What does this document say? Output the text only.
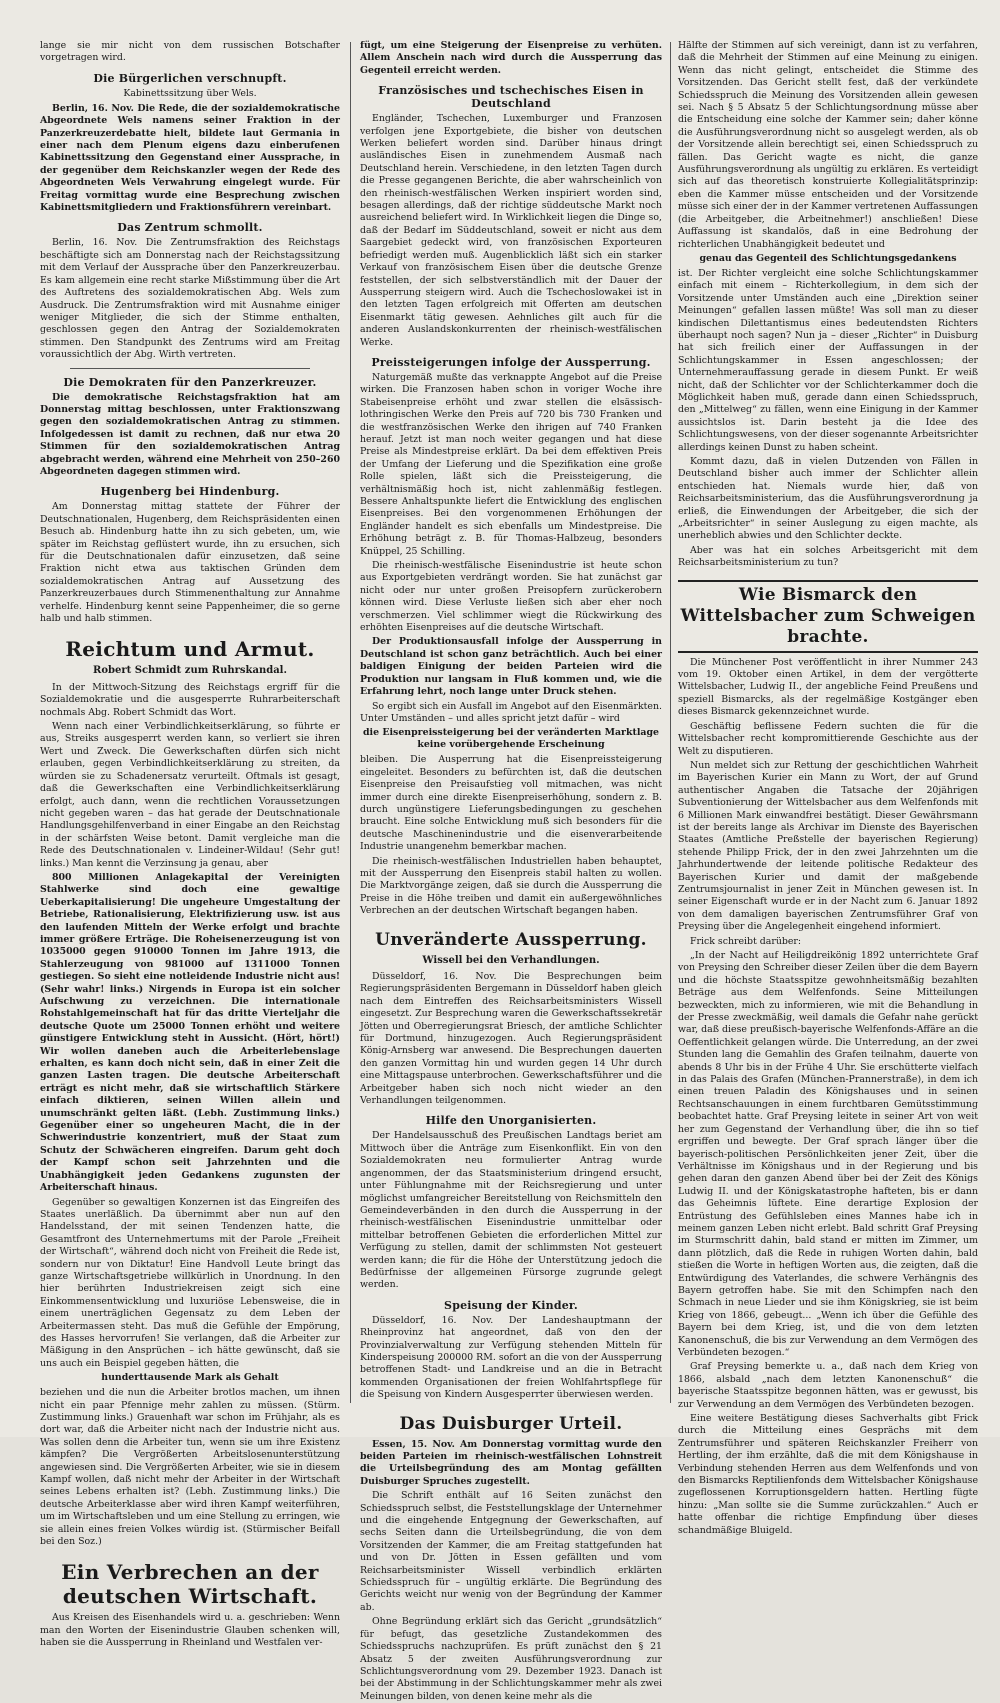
lange sie mir nicht von dem russischen Botschafter vorgetragen wird.

Die Bürgerlichen verschnupft.
Kabinettssitzung über Wels.

Berlin, 16. Nov. Die Rede, die der sozialdemokratische Abgeordnete Wels namens seiner Fraktion in der Panzerkreuzerdebatte hielt, bildete laut Germania in einer nach dem Plenum eigens dazu einberufenen Kabinettssitzung den Gegenstand einer Aussprache, in der gegenüber dem Reichskanzler wegen der Rede des Abgeordneten Wels Verwahrung eingelegt wurde. Für Freitag vormittag wurde eine Besprechung zwischen Kabinettsmitgliedern und Fraktionsführern vereinbart.

Das Zentrum schmollt.

Berlin, 16. Nov. Die Zentrumsfraktion des Reichstags beschäftigte sich am Donnerstag nach der Reichstagssitzung mit dem Verlauf der Aussprache über den Panzerkreuzerbau. Es kam allgemein eine recht starke Mißstimmung über die Art des Auftretens des sozialdemokratischen Abg. Wels zum Ausdruck. Die Zentrumsfraktion wird mit Ausnahme einiger weniger Mitglieder, die sich der Stimme enthalten, geschlossen gegen den Antrag der Sozialdemokraten stimmen. Den Standpunkt des Zentrums wird am Freitag voraussichtlich der Abg. Wirth vertreten.

Die Demokraten für den Panzerkreuzer.

Die demokratische Reichstagsfraktion hat am Donnerstag mittag beschlossen, unter Fraktionszwang gegen den sozialdemokratischen Antrag zu stimmen. Infolgedessen ist damit zu rechnen, daß nur etwa 20 Stimmen für den sozialdemokratischen Antrag abgebracht werden, während eine Mehrheit von 250–260 Abgeordneten dagegen stimmen wird.

Hugenberg bei Hindenburg.

Am Donnerstag mittag stattete der Führer der Deutschnationalen, Hugenberg, dem Reichspräsidenten einen Besuch ab. Hindenburg hatte ihn zu sich gebeten, um, wie später im Reichstag geflüstert wurde, ihn zu ersuchen, sich für die Deutschnationalen dafür einzusetzen, daß seine Fraktion nicht etwa aus taktischen Gründen dem sozialdemokratischen Antrag auf Aussetzung des Panzerkreuzerbaues durch Stimmenenthaltung zur Annahme verhelfe. Hindenburg kennt seine Pappenheimer, die so gerne halb und halb stimmen.

Reichtum und Armut.
Robert Schmidt zum Ruhrskandal.

In der Mittwoch-Sitzung des Reichstags ergriff für die Sozialdemokratie und die ausgesperrte Ruhrarbeiterschaft nochmals Abg. Robert Schmidt das Wort.

Wenn nach einer Verbindlichkeitserklärung, so führte er aus, Streiks ausgesperrt werden kann, so verliert sie ihren Wert und Zweck. Die Gewerkschaften dürfen sich nicht erlauben, gegen Verbindlichkeitserklärung zu streiten, da würden sie zu Schadenersatz verurteilt. Oftmals ist gesagt, daß die Gewerkschaften eine Verbindlichkeitserklärung erfolgt, auch dann, wenn die rechtlichen Voraussetzungen nicht gegeben waren – das hat gerade der Deutschnationale Handlungsgehilfenverband in einer Eingabe an den Reichstag in der schärfsten Weise betont. Damit vergleiche man die Rede des Deutschnationalen v. Lindeiner-Wildau! (Sehr gut! links.) Man kennt die Verzinsung ja genau, aber

800 Millionen Anlagekapital der Vereinigten Stahlwerke sind doch eine gewaltige Ueberkapitalisierung! Die ungeheure Umgestaltung der Betriebe, Rationalisierung, Elektrifizierung usw. ist aus den laufenden Mitteln der Werke erfolgt und brachte immer größere Erträge. Die Roheisenerzeugung ist von 1035000 gegen 910000 Tonnen im Jahre 1913, die Stahlerzeugung von 981000 auf 1311000 Tonnen gestiegen. So sieht eine notleidende Industrie nicht aus! (Sehr wahr! links.) Nirgends in Europa ist ein solcher Aufschwung zu verzeichnen. Die internationale Rohstahlgemeinschaft hat für das dritte Vierteljahr die deutsche Quote um 25000 Tonnen erhöht und weitere günstigere Entwicklung steht in Aussicht. (Hört, hört!) Wir wollen daneben auch die Arbeiterlebenslage erhalten, es kann doch nicht sein, daß in einer Zeit die ganzen Lasten tragen. Die deutsche Arbeiterschaft erträgt es nicht mehr, daß sie wirtschaftlich Stärkere einfach diktieren, seinen Willen allein und unumschränkt gelten läßt. (Lebh. Zustimmung links.) Gegenüber einer so ungeheuren Macht, die in der Schwerindustrie konzentriert, muß der Staat zum Schutz der Schwächeren eingreifen. Darum geht doch der Kampf schon seit Jahrzehnten und die Unabhängigkeit jeden Gedankens zugunsten der Arbeiterschaft hinaus.

Gegenüber so gewaltigen Konzernen ist das Eingreifen des Staates unerläßlich. Da übernimmt aber nun auf den Handelsstand, der mit seinen Tendenzen hatte, die Gesamtfront des Unternehmertums mit der Parole „Freiheit der Wirtschaft“, während doch nicht von Freiheit die Rede ist, sondern nur von Diktatur! Eine Handvoll Leute bringt das ganze Wirtschaftsgetriebe willkürlich in Unordnung. In den hier berührten Industriekreisen zeigt sich eine Einkommensentwicklung und luxuriöse Lebensweise, die in einem unerträglichen Gegensatz zu dem Leben der Arbeitermassen steht. Das muß die Gefühle der Empörung, des Hasses hervorrufen! Sie verlangen, daß die Arbeiter zur Mäßigung in den Ansprüchen – ich hätte gewünscht, daß sie uns auch ein Beispiel gegeben hätten, die

hunderttausende Mark als Gehalt

beziehen und die nun die Arbeiter brotlos machen, um ihnen nicht ein paar Pfennige mehr zahlen zu müssen. (Stürm. Zustimmung links.) Grauenhaft war schon im Frühjahr, als es dort war, daß die Arbeiter nicht nach der Industrie nicht aus. Was sollen denn die Arbeiter tun, wenn sie um ihre Existenz kämpfen? Die Vergrößerten Arbeitslosenunterstützung angewiesen sind. Die Vergrößerten Arbeiter, wie sie in diesem Kampf wollen, daß nicht mehr der Arbeiter in der Wirtschaft seines Lebens erhalten ist? (Lebh. Zustimmung links.) Die deutsche Arbeiterklasse aber wird ihren Kampf weiterführen, um im Wirtschaftsleben und um eine Stellung zu erringen, wie sie allein eines freien Volkes würdig ist. (Stürmischer Beifall bei den Soz.)

Ein Verbrechen an der deutschen Wirtschaft.

Aus Kreisen des Eisenhandels wird u. a. geschrieben: Wenn man den Worten der Eisenindustrie Glauben schenken will, haben sie die Aussperrung in Rheinland und Westfalen ver-

fügt, um eine Steigerung der Eisenpreise zu verhüten. Allem Anschein nach wird durch die Aussperrung das Gegenteil erreicht werden.

Französisches und tschechisches Eisen in Deutschland

Engländer, Tschechen, Luxemburger und Franzosen verfolgen jene Exportgebiete, die bisher von deutschen Werken beliefert worden sind. Darüber hinaus dringt ausländisches Eisen in zunehmendem Ausmaß nach Deutschland herein. Verschiedene, in den letzten Tagen durch die Presse gegangenen Berichte, die aber wahrscheinlich von den rheinisch-westfälischen Werken inspiriert worden sind, besagen allerdings, daß der richtige süddeutsche Markt noch ausreichend beliefert wird. In Wirklichkeit liegen die Dinge so, daß der Bedarf im Süddeutschland, soweit er nicht aus dem Saargebiet gedeckt wird, von französischen Exporteuren befriedigt werden muß. Augenblicklich läßt sich ein starker Verkauf von französischem Eisen über die deutsche Grenze feststellen, der sich selbstverständlich mit der Dauer der Aussperrung steigern wird. Auch die Tschechoslowakei ist in den letzten Tagen erfolgreich mit Offerten am deutschen Eisenmarkt tätig gewesen. Aehnliches gilt auch für die anderen Auslandskonkurrenten der rheinisch-westfälischen Werke.

Preissteigerungen infolge der Aussperrung.

Naturgemäß mußte das verknappte Angebot auf die Preise wirken. Die Franzosen haben schon in voriger Woche ihre Stabeisenpreise erhöht und zwar stellen die elsässisch-lothringischen Werke den Preis auf 720 bis 730 Franken und die westfranzösischen Werke den ihrigen auf 740 Franken herauf. Jetzt ist man noch weiter gegangen und hat diese Preise als Mindestpreise erklärt. Da bei dem effektiven Preis der Umfang der Lieferung und die Spezifikation eine große Rolle spielen, läßt sich die Preissteigerung, die verhältnismäßig hoch ist, nicht zahlenmäßig festlegen. Bessere Anhaltspunkte liefert die Entwicklung des englischen Eisenpreises. Bei den vorgenommenen Erhöhungen der Engländer handelt es sich ebenfalls um Mindestpreise. Die Erhöhung beträgt z. B. für Thomas-Halbzeug, besonders Knüppel, 25 Schilling.

Die rheinisch-westfälische Eisenindustrie ist heute schon aus Exportgebieten verdrängt worden. Sie hat zunächst gar nicht oder nur unter großen Preisopfern zurückerobern können wird. Diese Verluste ließen sich aber eher noch verschmerzen. Viel schlimmer wiegt die Rückwirkung des erhöhten Eisenpreises auf die deutsche Wirtschaft.

Der Produktionsausfall infolge der Aussperrung in Deutschland ist schon ganz beträchtlich. Auch bei einer baldigen Einigung der beiden Parteien wird die Produktion nur langsam in Fluß kommen und, wie die Erfahrung lehrt, noch lange unter Druck stehen.

So ergibt sich ein Ausfall im Angebot auf den Eisenmärkten. Unter Umständen – und alles spricht jetzt dafür – wird

die Eisenpreissteigerung bei der veränderten Marktlage keine vorübergehende Erscheinung

bleiben. Die Ausperrung hat die Eisenpreissteigerung eingeleitet. Besonders zu befürchten ist, daß die deutschen Eisenpreise den Preisaufstieg voll mitmachen, was nicht immer durch eine direkte Eisenpreiserhöhung, sondern z. B. durch ungünstigere Lieferungsbedingungen zu geschehen braucht. Eine solche Entwicklung muß sich besonders für die deutsche Maschinenindustrie und die eisenverarbeitende Industrie unangenehm bemerkbar machen.

Die rheinisch-westfälischen Industriellen haben behauptet, mit der Aussperrung den Eisenpreis stabil halten zu wollen. Die Marktvorgänge zeigen, daß sie durch die Aussperrung die Preise in die Höhe treiben und damit ein außergewöhnliches Verbrechen an der deutschen Wirtschaft begangen haben.

Unveränderte Aussperrung.
Wissell bei den Verhandlungen.

Düsseldorf, 16. Nov. Die Besprechungen beim Regierungspräsidenten Bergemann in Düsseldorf haben gleich nach dem Eintreffen des Reichsarbeitsministers Wissell eingesetzt. Zur Besprechung waren die Gewerkschaftssekretär Jötten und Oberregierungsrat Briesch, der amtliche Schlichter für Dortmund, hinzugezogen. Auch Regierungspräsident König-Arnsberg war anwesend. Die Besprechungen dauerten den ganzen Vormittag hin und wurden gegen 14 Uhr durch eine Mittagspause unterbrochen. Gewerkschaftsführer und die Arbeitgeber haben sich noch nicht wieder an den Verhandlungen teilgenommen.

Hilfe den Unorganisierten.

Der Handelsausschuß des Preußischen Landtags beriet am Mittwoch über die Anträge zum Eisenkonflikt. Ein von den Sozialdemokraten neu formulierter Antrag wurde angenommen, der das Staatsministerium dringend ersucht, unter Fühlungnahme mit der Reichsregierung und unter möglichst umfangreicher Bereitstellung von Reichsmitteln den Gemeindeverbänden in den durch die Aussperrung in der rheinisch-westfälischen Eisenindustrie unmittelbar oder mittelbar betroffenen Gebieten die erforderlichen Mittel zur Verfügung zu stellen, damit der schlimmsten Not gesteuert werden kann; die für die Höhe der Unterstützung jedoch die Bedürfnisse der allgemeinen Fürsorge zugrunde gelegt werden.

Speisung der Kinder.

Düsseldorf, 16. Nov. Der Landeshauptmann der Rheinprovinz hat angeordnet, daß von den der Provinzialverwaltung zur Verfügung stehenden Mitteln für Kinderspeisung 200000 RM. sofort an die von der Aussperrung betroffenen Stadt- und Landkreise und an die in Betracht kommenden Organisationen der freien Wohlfahrtspflege für die Speisung von Kindern Ausgesperrter überwiesen werden.

Das Duisburger Urteil.

Essen, 15. Nov. Am Donnerstag vormittag wurde den beiden Parteien im rheinisch-westfälischen Lohnstreit die Urteilsbegründung des am Montag gefällten Duisburger Spruches zugestellt.

Die Schrift enthält auf 16 Seiten zunächst den Schiedsspruch selbst, die Feststellungsklage der Unternehmer und die eingehende Entgegnung der Gewerkschaften, auf sechs Seiten dann die Urteilsbegründung, die von dem Vorsitzenden der Kammer, die am Freitag stattgefunden hat und von Dr. Jötten in Essen gefällten und vom Reichsarbeitsminister Wissell verbindlich erklärten Schiedsspruch für – ungültig erklärte. Die Begründung des Gerichts weicht nur wenig von der Begründung der Kammer ab.

Ohne Begründung erklärt sich das Gericht „grundsätzlich“ für befugt, das gesetzliche Zustandekommen des Schiedsspruchs nachzuprüfen. Es prüft zunächst den § 21 Absatz 5 der zweiten Ausführungsverordnung zur Schlichtungsverordnung vom 29. Dezember 1923. Danach ist bei der Abstimmung in der Schlichtungskammer mehr als zwei Meinungen bilden, von denen keine mehr als die

Hälfte der Stimmen auf sich vereinigt, dann ist zu verfahren, daß die Mehrheit der Stimmen auf eine Meinung zu einigen. Wenn das nicht gelingt, entscheidet die Stimme des Vorsitzenden. Das Gericht stellt fest, daß der verkündete Schiedsspruch die Meinung des Vorsitzenden allein gewesen sei. Nach § 5 Absatz 5 der Schlichtungsordnung müsse aber die Entscheidung eine solche der Kammer sein; daher könne die Ausführungsverordnung nicht so ausgelegt werden, als ob der Vorsitzende allein berechtigt sei, einen Schiedsspruch zu fällen. Das Gericht wagte es nicht, die ganze Ausführungsverordnung als ungültig zu erklären. Es verteidigt sich auf das theoretisch konstruierte Kollegialitätsprinzip: eben die Kammer müsse entscheiden und der Vorsitzende müsse sich einer der in der Kammer vertretenen Auffassungen (die Arbeitgeber, die Arbeitnehmer!) anschließen! Diese Auffassung ist skandalös, daß in eine Bedrohung der richterlichen Unabhängigkeit bedeutet und

genau das Gegenteil des Schlichtungsgedankens

ist. Der Richter vergleicht eine solche Schlichtungskammer einfach mit einem – Richterkollegium, in dem sich der Vorsitzende unter Umständen auch eine „Direktion seiner Meinungen“ gefallen lassen müßte! Was soll man zu dieser kindischen Dilettantismus eines bedeutendsten Richters überhaupt noch sagen? Nun ja – dieser „Richter“ in Duisburg hat sich freilich einer der Auffassungen in der Schlichtungskammer in Essen angeschlossen; der Unternehmerauffassung gerade in diesem Punkt. Er weiß nicht, daß der Schlichter vor der Schlichterkammer doch die Möglichkeit haben muß, gerade dann einen Schiedsspruch, den „Mittelweg“ zu fällen, wenn eine Einigung in der Kammer aussichtslos ist. Darin besteht ja die Idee des Schlichtungswesens, von der dieser sogenannte Arbeitsrichter allerdings keinen Dunst zu haben scheint.

Kommt dazu, daß in vielen Dutzenden von Fällen in Deutschland bisher auch immer der Schlichter allein entschieden hat. Niemals wurde hier, daß von Reichsarbeitsministerium, das die Ausführungsverordnung ja erließ, die Einwendungen der Arbeitgeber, die sich der „Arbeitsrichter“ in seiner Auslegung zu eigen machte, als unerheblich abwies und den Schlichter deckte.

Aber was hat ein solches Arbeitsgericht mit dem Reichsarbeitsministerium zu tun?

Wie Bismarck den Wittelsbacher zum Schweigen brachte.

Die Münchener Post veröffentlicht in ihrer Nummer 243 vom 19. Oktober einen Artikel, in dem der vergötterte Wittelsbacher, Ludwig II., der angebliche Feind Preußens und speziell Bismarcks, als der regelmäßige Kostgänger eben dieses Bismarck gekennzeichnet wurde.

Geschäftig beflissene Federn suchten die für die Wittelsbacher recht kompromittierende Geschichte aus der Welt zu disputieren.

Nun meldet sich zur Rettung der geschichtlichen Wahrheit im Bayerischen Kurier ein Mann zu Wort, der auf Grund authentischer Angaben die Tatsache der 20jährigen Subventionierung der Wittelsbacher aus dem Welfenfonds mit 6 Millionen Mark einwandfrei bestätigt. Dieser Gewährsmann ist der bereits lange als Archivar im Dienste des Bayerischen Staates (Amtliche Preßstelle der bayerischen Regierung) stehende Philipp Frick, der in den zwei Jahrzehnten um die Jahrhundertwende der leitende politische Redakteur des Bayerischen Kurier und damit der maßgebende Zentrumsjournalist in jener Zeit in München gewesen ist. In seiner Eigenschaft wurde er in der Nacht zum 6. Januar 1892 von dem damaligen bayerischen Zentrumsführer Graf von Preysing über die Angelegenheit eingehend informiert.

Frick schreibt darüber:

„In der Nacht auf Heiligdreikönig 1892 unterrichtete Graf von Preysing den Schreiber dieser Zeilen über die dem Bayern und die höchste Staatsspitze gewohnheitsmäßig bezahlten Beträge aus dem Welfenfonds. Seine Mitteilungen bezweckten, mich zu informieren, wie mit die Behandlung in der Presse zweckmäßig, weil damals die Gefahr nahe gerückt war, daß diese preußisch-bayerische Welfenfonds-Affäre an die Oeffentlichkeit gelangen würde. Die Unterredung, an der zwei Stunden lang die Gemahlin des Grafen teilnahm, dauerte von abends 8 Uhr bis in der Frühe 4 Uhr. Sie erschütterte vielfach in das Palais des Grafen (München-Prannerstraße), in dem ich einen treuen Paladin des Königshauses und in seinen Rechtsanschauungen in einem furchtbaren Gemütsstimmung beobachtet hatte. Graf Preysing leitete in seiner Art von weit her zum Gegenstand der Verhandlung über, die ihn so tief ergriffen und bewegte. Der Graf sprach länger über die bayerisch-politischen Persönlichkeiten jener Zeit, über die Verhältnisse im Königshaus und in der Regierung und bis gehen daran den ganzen Abend über bei der Zeit des Königs Ludwig II. und der Königskatastrophe hafteten, bis er dann das Geheimnis lüftete. Eine derartige Explosion der Entrüstung des Gefühlsleben eines Mannes habe ich in meinem ganzen Leben nicht erlebt. Bald schritt Graf Preysing im Sturmschritt dahin, bald stand er mitten im Zimmer, um dann plötzlich, daß die Rede in ruhigen Worten dahin, bald stießen die Worte in heftigen Worten aus, die zeigten, daß die Entwürdigung des Vaterlandes, die schwere Verhängnis des Bayern getroffen habe. Sie mit den Schimpfen nach den Schmach in neue Lieder und sie ihm Königskrieg, sie ist beim Krieg von 1866, gebeugt... „Wenn ich über die Gefühle des Bayern bei dem Krieg, ist, und die von dem letzten Kanonenschuß, die bis zur Verwendung an dem Vermögen des Verbündeten bezogen.“

Graf Preysing bemerkte u. a., daß nach dem Krieg von 1866, alsbald „nach dem letzten Kanonenschuß“ die bayerische Staatsspitze begonnen hätten, was er gewusst, bis zur Verwendung an dem Vermögen des Verbündeten bezogen.

Eine weitere Bestätigung dieses Sachverhalts gibt Frick durch die Mitteilung eines Gesprächs mit dem Zentrumsführer und späteren Reichskanzler Freiherr von Hertling, der ihm erzählte, daß die mit dem Königshause in Verbindung stehenden Herren aus dem Welfenfonds und von den Bismarcks Reptilienfonds dem Wittelsbacher Königshause zugeflossenen Korruptionsgeldern hatten. Hertling fügte hinzu: „Man sollte sie die Summe zurückzahlen.“ Auch er hatte offenbar die richtige Empfindung über dieses schandmäßige Bluigeld.
